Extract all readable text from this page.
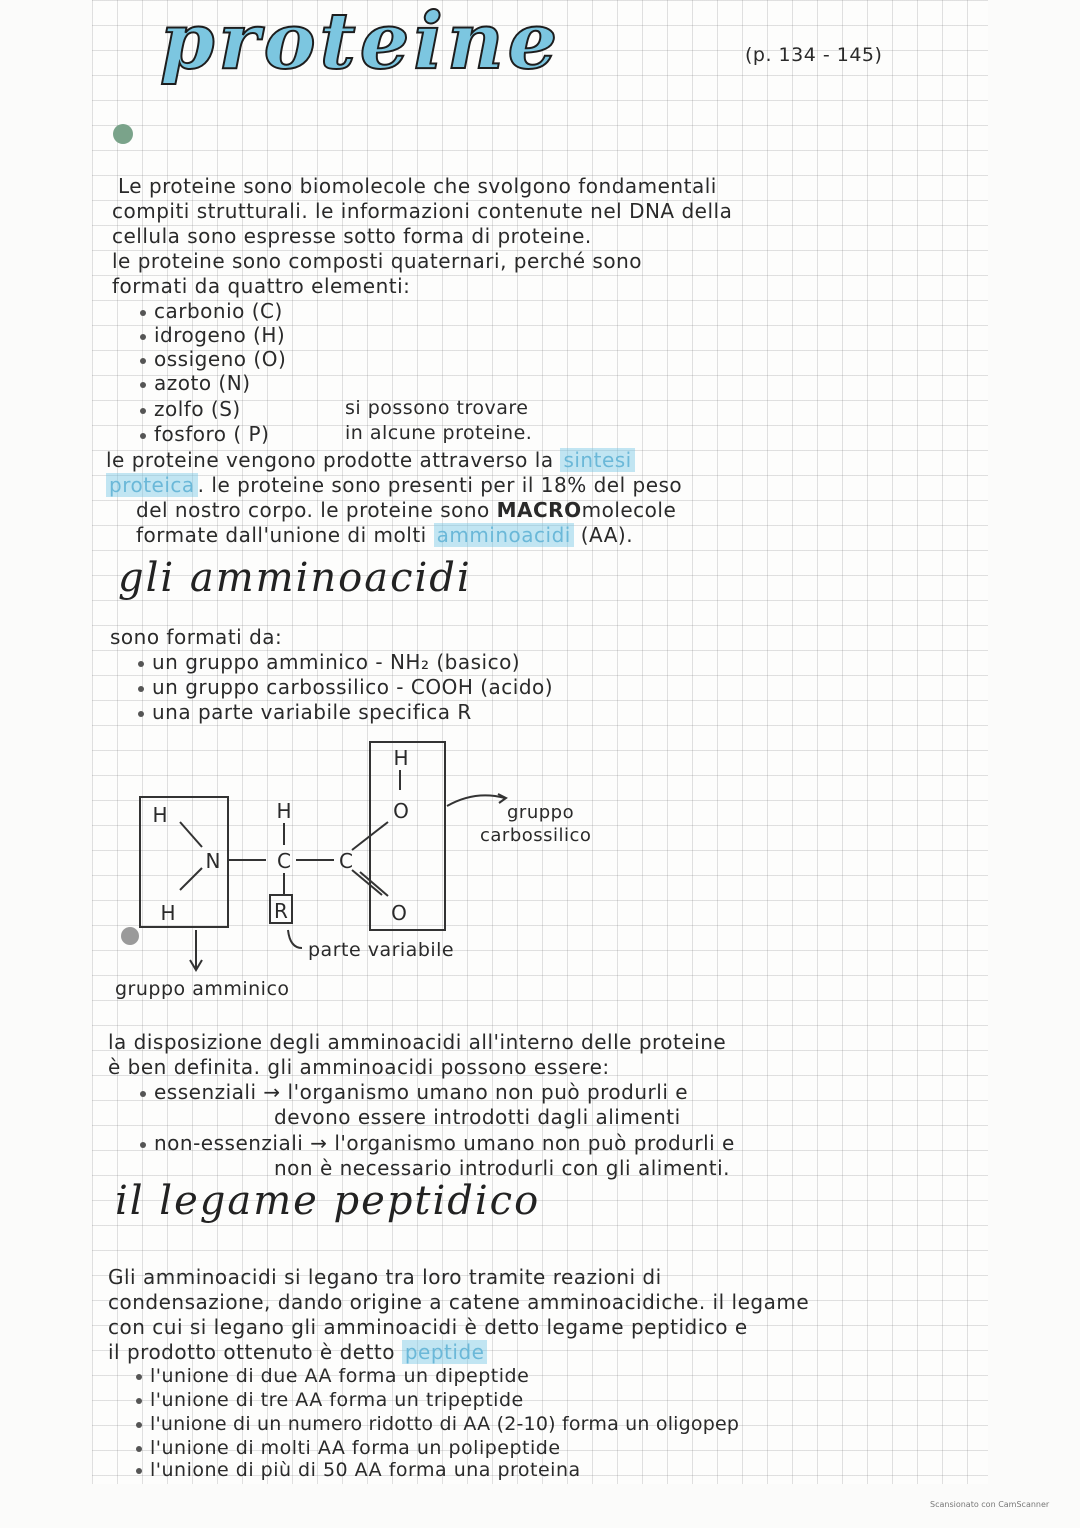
proteine	(p. 134 - 145)
Le proteine sono biomolecole che svolgono fondamentali
compiti strutturali. le informazioni contenute nel DNA della
cellula sono espresse sotto forma di proteine.
le proteine sono composti quaternari, perché sono
formati da quattro elementi:
carbonio (C)
idrogeno (H)
ossigeno (O)
azoto (N)
zolfo (S)
fosforo ( P)
si possono trovare
in alcune proteine.
le proteine vengono prodotte attraverso la sintesi
proteica . le proteine sono presenti per il 18% del peso
del nostro corpo. le proteine sono MACROmolecole
formate dall'unione di molti amminoacidi (AA).
gli amminoacidi
sono formati da:
un gruppo amminico - NH₂ (basico)
un gruppo carbossilico - COOH (acido)
una parte variabile specifica R
H
H
N
H
C C
H
O
O
R
gruppo
carbossilico
parte variabile
gruppo amminico
la disposizione degli amminoacidi all'interno delle proteine
è ben definita. gli amminoacidi possono essere:
essenziali → l'organismo umano non può produrli e
devono essere introdotti dagli alimenti
non-essenziali → l'organismo umano non può produrli e
non è necessario introdurli con gli alimenti.
il legame peptidico
Gli amminoacidi si legano tra loro tramite reazioni di
condensazione, dando origine a catene amminoacidiche. il legame
con cui si legano gli amminoacidi è detto legame peptidico e
il prodotto ottenuto è detto peptide
l'unione di due AA forma un dipeptide
l'unione di tre AA forma un tripeptide
l'unione di un numero ridotto di AA (2-10) forma un oligopep
l'unione di molti AA forma un polipeptide
l'unione di più di 50 AA forma una proteina
Scansionato con CamScanner
